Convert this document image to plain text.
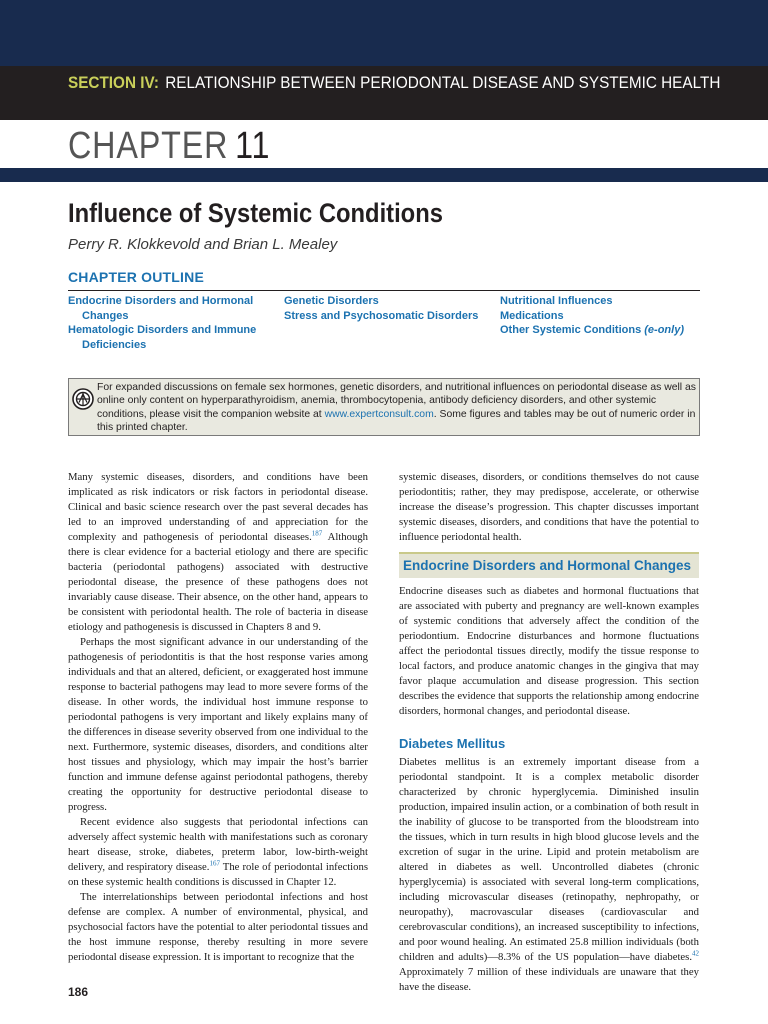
SECTION IV: RELATIONSHIP BETWEEN PERIODONTAL DISEASE AND SYSTEMIC HEALTH
CHAPTER 11
Influence of Systemic Conditions
Perry R. Klokkevold and Brian L. Mealey
CHAPTER OUTLINE
Endocrine Disorders and Hormonal Changes
Hematologic Disorders and Immune Deficiencies
Genetic Disorders
Stress and Psychosomatic Disorders
Nutritional Influences
Medications
Other Systemic Conditions (e-only)
For expanded discussions on female sex hormones, genetic disorders, and nutritional influences on periodontal disease as well as online only content on hyperparathyroidism, anemia, thrombocytopenia, antibody deficiency disorders, and other systemic conditions, please visit the companion website at www.expertconsult.com. Some figures and tables may be out of numeric order in this printed chapter.

Many systemic diseases, disorders, and conditions have been implicated as risk indicators or risk factors in periodontal disease. Clinical and basic science research over the past several decades has led to an improved understanding of and appreciation for the complexity and pathogenesis of periodontal diseases.$^{187}$ Although there is clear evidence for a bacterial etiology and there are specific bacteria (periodontal pathogens) associated with destructive periodontal disease, the presence of these pathogens does not invariably cause disease. Their absence, on the other hand, appears to be consistent with periodontal health. The role of bacteria in disease etiology and pathogenesis is discussed in Chapters 8 and 9.

Perhaps the most significant advance in our understanding of the pathogenesis of periodontitis is that the host response varies among individuals and that an altered, deficient, or exaggerated host immune response to bacterial pathogens may lead to more severe forms of the disease. In other words, the individual host immune response to periodontal pathogens is very important and likely explains many of the differences in disease severity observed from one individual to the next. Furthermore, systemic diseases, disorders, and conditions alter host tissues and physiology, which may impair the host’s barrier function and immune defense against periodontal pathogens, thereby creating the opportunity for destructive periodontal disease to progress.

Recent evidence also suggests that periodontal infections can adversely affect systemic health with manifestations such as coronary heart disease, stroke, diabetes, preterm labor, low-birth-weight delivery, and respiratory disease.$^{167}$ The role of periodontal infections on these systemic health conditions is discussed in Chapter 12.

The interrelationships between periodontal infections and host defense are complex. A number of environmental, physical, and psychosocial factors have the potential to alter periodontal tissues and the host immune response, thereby resulting in more severe periodontal disease expression. It is important to recognize that the

systemic diseases, disorders, or conditions themselves do not cause periodontitis; rather, they may predispose, accelerate, or otherwise increase the disease’s progression. This chapter discusses important systemic diseases, disorders, and conditions that have the potential to influence periodontal health.

Endocrine Disorders and Hormonal Changes

Endocrine diseases such as diabetes and hormonal fluctuations that are associated with puberty and pregnancy are well-known examples of systemic conditions that adversely affect the condition of the periodontium. Endocrine disturbances and hormone fluctuations affect the periodontal tissues directly, modify the tissue response to local factors, and produce anatomic changes in the gingiva that may favor plaque accumulation and disease progression. This section describes the evidence that supports the relationship among endocrine disorders, hormonal changes, and periodontal disease.

Diabetes Mellitus

Diabetes mellitus is an extremely important disease from a periodontal standpoint. It is a complex metabolic disorder characterized by chronic hyperglycemia. Diminished insulin production, impaired insulin action, or a combination of both result in the inability of glucose to be transported from the bloodstream into the tissues, which in turn results in high blood glucose levels and the excretion of sugar in the urine. Lipid and protein metabolism are altered in diabetes as well. Uncontrolled diabetes (chronic hyperglycemia) is associated with several long-term complications, including microvascular diseases (retinopathy, nephropathy, or neuropathy), macrovascular diseases (cardiovascular and cerebrovascular conditions), an increased susceptibility to infections, and poor wound healing. An estimated 25.8 million individuals (both children and adults)—8.3% of the US population—have diabetes.$^{42}$ Approximately 7 million of these individuals are unaware that they have the disease.

186
